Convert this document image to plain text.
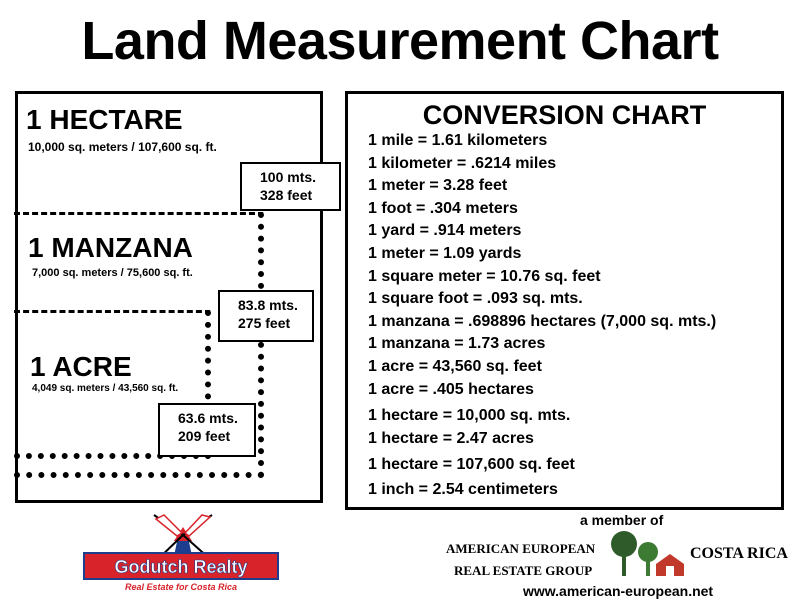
Land Measurement Chart
1 HECTARE
10,000 sq. meters / 107,600 sq. ft.
100 mts.
328 feet
1 MANZANA
7,000 sq. meters / 75,600 sq. ft.
83.8 mts.
275 feet
1 ACRE
4,049 sq. meters / 43,560 sq. ft.
63.6 mts.
209 feet
CONVERSION CHART
1 mile = 1.61 kilometers
1 kilometer = .6214 miles
1 meter = 3.28 feet
1 foot = .304 meters
1 yard = .914 meters
1 meter = 1.09 yards
1 square meter = 10.76 sq. feet
1 square foot = .093 sq. mts.
1 manzana = .698896 hectares (7,000 sq. mts.)
1 manzana = 1.73 acres
1 acre = 43,560 sq. feet
1 acre = .405 hectares
1 hectare = 10,000 sq. mts.
1 hectare = 2.47 acres
1 hectare = 107,600 sq. feet
1 inch = 2.54 centimeters
Godutch Realty
Real Estate for Costa Rica
a member of
AMERICAN EUROPEAN
REAL ESTATE GROUP
COSTA RICA
www.american-european.net
